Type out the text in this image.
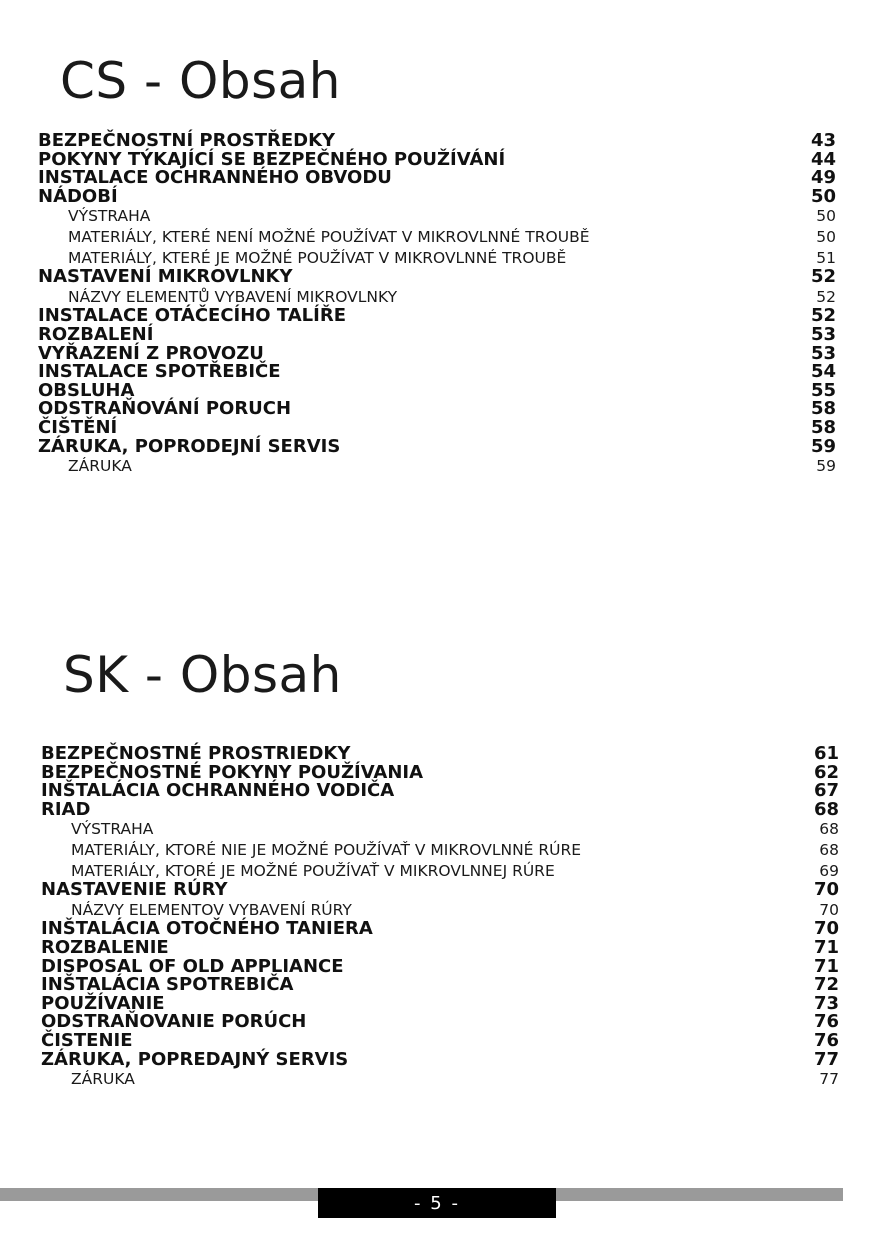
CS - Obsah
BEZPEČNOSTNÍ PROSTŘEDKY	43
POKYNY TÝKAJÍCÍ SE BEZPEČNÉHO POUŽÍVÁNÍ	44
INSTALACE OCHRANNÉHO OBVODU	49
NÁDOBÍ	50
VÝSTRAHA	50
MATERIÁLY, KTERÉ NENÍ MOŽNÉ POUŽÍVAT V MIKROVLNNÉ TROUBĚ	50
MATERIÁLY, KTERÉ JE MOŽNÉ POUŽÍVAT V MIKROVLNNÉ TROUBĚ	51
NASTAVENÍ MIKROVLNKY	52
NÁZVY ELEMENTŮ VYBAVENÍ MIKROVLNKY	52
INSTALACE OTÁČECÍHO TALÍŘE	52
ROZBALENÍ	53
VYŘAZENÍ Z PROVOZU	53
INSTALACE SPOTŘEBIČE	54
OBSLUHA	55
ODSTRAŇOVÁNÍ PORUCH	58
ČIŠTĚNÍ	58
ZÁRUKA, POPRODEJNÍ SERVIS	59
ZÁRUKA	59
SK - Obsah
BEZPEČNOSTNÉ PROSTRIEDKY	61
BEZPEČNOSTNÉ POKYNY POUŽÍVANIA	62
INŠTALÁCIA OCHRANNÉHO VODIČA	67
RIAD	68
VÝSTRAHA	68
MATERIÁLY, KTORÉ NIE JE MOŽNÉ POUŽÍVAŤ V MIKROVLNNÉ RÚRE	68
MATERIÁLY, KTORÉ JE MOŽNÉ POUŽÍVAŤ V MIKROVLNNEJ RÚRE	69
NASTAVENIE RÚRY	70
NÁZVY ELEMENTOV VYBAVENÍ RÚRY	70
INŠTALÁCIA OTOČNÉHO TANIERA	70
ROZBALENIE	71
DISPOSAL OF OLD APPLIANCE	71
INŠTALÁCIA SPOTREBIČA	72
POUŽÍVANIE	73
ODSTRAŇOVANIE PORÚCH	76
ČISTENIE	76
ZÁRUKA, POPREDAJNÝ SERVIS	77
ZÁRUKA	77
- 5 -
